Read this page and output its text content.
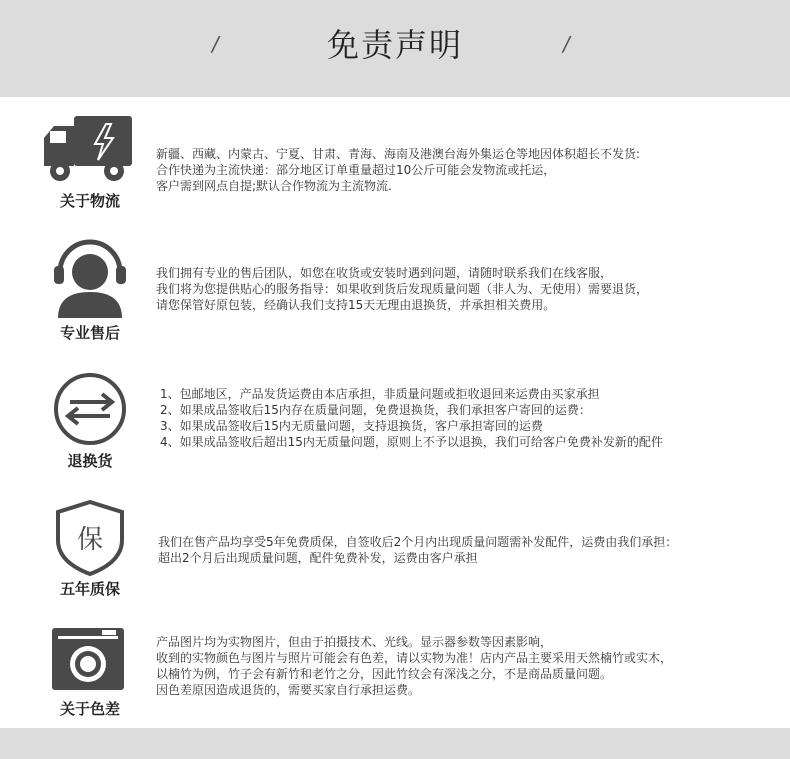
/	免责声明	/
关于物流
新疆、西藏、内蒙古、宁夏、甘肃、青海、海南及港澳台海外集运仓等地因体积超长不发货:
合作快递为主流快递：部分地区订单重量超过10公斤可能会发物流或托运，
客户需到网点自提;默认合作物流为主流物流.
专业售后
我们拥有专业的售后团队，如您在收货或安装时遇到问题，请随时联系我们在线客服，
我们将为您提供贴心的服务指导：如果收到货后发现质量问题（非人为、无使用）需要退货，
请您保管好原包装，经确认我们支持15天无理由退换货，并承担相关费用。
退换货
1、包邮地区，产品发货运费由本店承担，非质量问题或拒收退回来运费由买家承担
2、如果成品签收后15内存在质量问题，免费退换货，我们承担客户寄回的运费：
3、如果成品签收后15内无质量问题，支持退换货，客户承担寄回的运费
4、如果成品签收后超出15内无质量问题，原则上不予以退换，我们可给客户免费补发新的配件
保
五年质保
我们在售产品均享受5年免费质保，自签收后2个月内出现质量问题需补发配件，运费由我们承担：
超出2个月后出现质量问题，配件免费补发，运费由客户承担
关于色差
产品图片均为实物图片，但由于拍摄技术、光线。显示器参数等因素影响，
收到的实物颜色与图片与照片可能会有色差，请以实物为准！店内产品主要采用天然楠竹或实木，
以楠竹为例，竹子会有新竹和老竹之分，因此竹纹会有深浅之分，不是商品质量问题。
因色差原因造成退货的，需要买家自行承担运费。
